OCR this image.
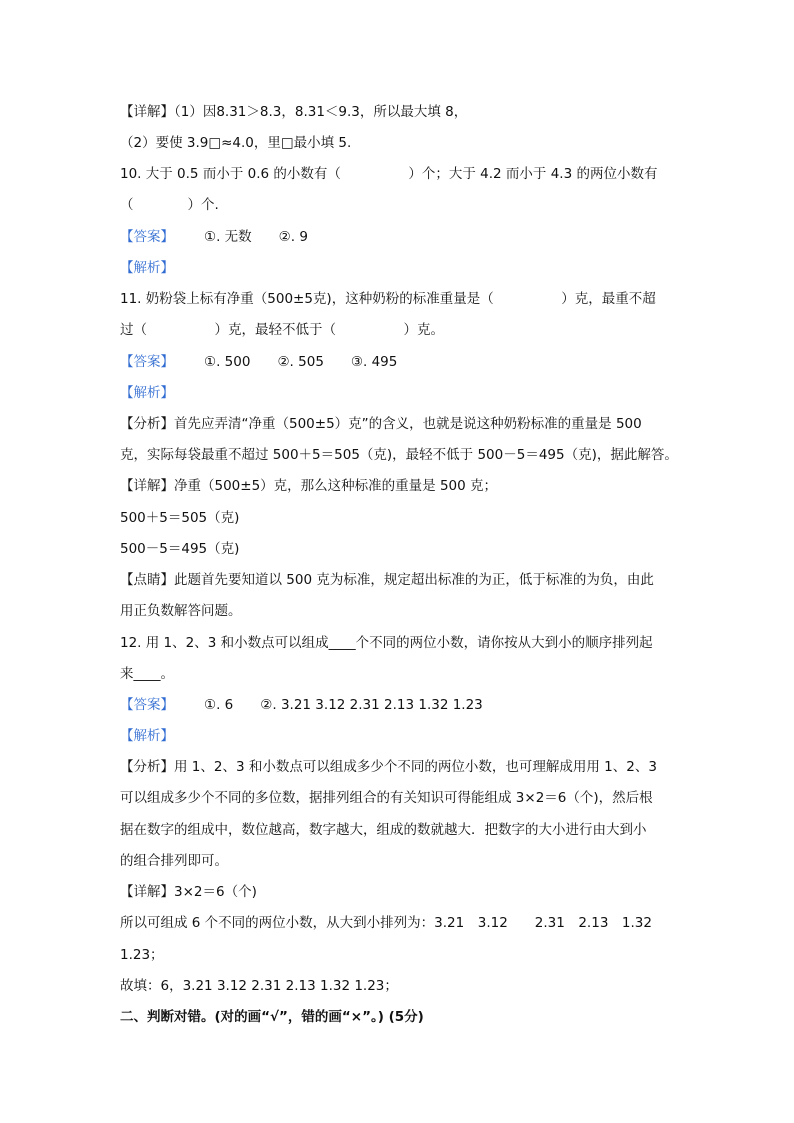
【详解】（1）因8.31＞8.3，8.31＜9.3，所以最大填 8，
（2）要使 3.9□≈4.0，里□最小填 5.
10. 大于 0.5 而小于 0.6 的小数有（　　　　　）个；大于 4.2 而小于 4.3 的两位小数有
（　　　　）个.
【答案】 ①. 无数　　②. 9
【解析】
11. 奶粉袋上标有净重（500±5克)，这种奶粉的标准重量是（　　　　　）克，最重不超
过（　　　　　）克，最轻不低于（　　　　　）克。
【答案】 ①. 500　　②. 505　　③. 495
【解析】
【分析】首先应弄清“净重（500±5）克”的含义，也就是说这种奶粉标准的重量是 500
克，实际每袋最重不超过 500＋5＝505（克)，最轻不低于 500－5＝495（克)，据此解答。
【详解】净重（500±5）克，那么这种标准的重量是 500 克；
500＋5＝505（克)
500－5＝495（克)
【点睛】此题首先要知道以 500 克为标准，规定超出标准的为正，低于标准的为负，由此
用正负数解答问题。
12. 用 1、2、3 和小数点可以组成____个不同的两位小数，请你按从大到小的顺序排列起
来____。
【答案】 ①. 6　　②. 3.21 3.12 2.31 2.13 1.32 1.23
【解析】
【分析】用 1、2、3 和小数点可以组成多少个不同的两位小数，也可理解成用用 1、2、3
可以组成多少个不同的多位数，据排列组合的有关知识可得能组成 3×2＝6（个)，然后根
据在数字的组成中，数位越高，数字越大，组成的数就越大．把数字的大小进行由大到小
的组合排列即可。
【详解】3×2＝6（个)
所以可组成 6 个不同的两位小数，从大到小排列为：3.21　3.12　　2.31　2.13　1.32
1.23；
故填：6，3.21 3.12 2.31 2.13 1.32 1.23；
二、判断对错。(对的画“√”，错的画“×”。) (5分)
